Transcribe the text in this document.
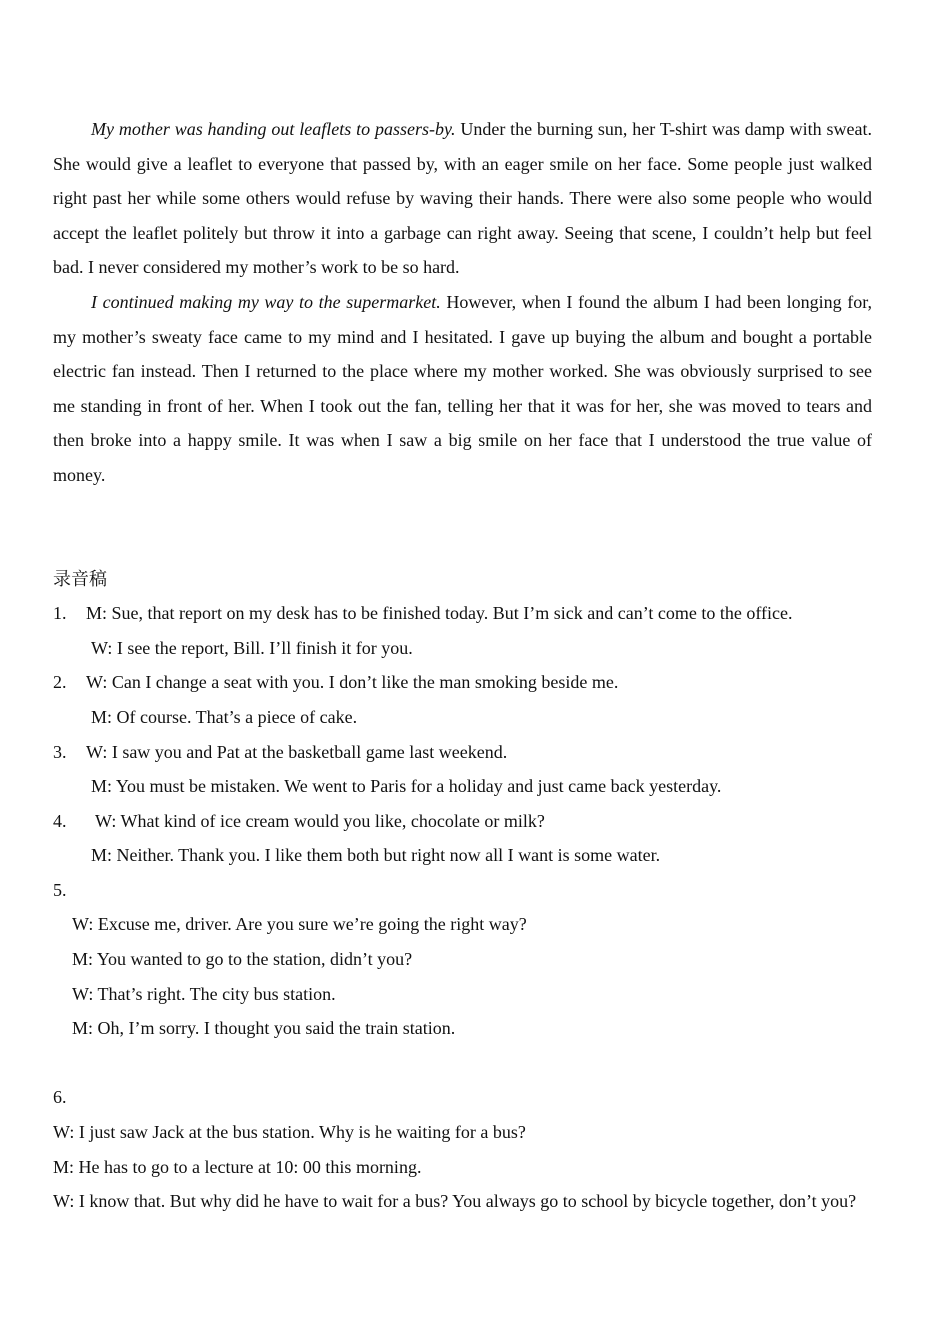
My mother was handing out leaflets to passers-by. Under the burning sun, her T-shirt was damp with sweat. She would give a leaflet to everyone that passed by, with an eager smile on her face. Some people just walked right past her while some others would refuse by waving their hands. There were also some people who would accept the leaflet politely but throw it into a garbage can right away. Seeing that scene, I couldn’t help but feel bad. I never considered my mother’s work to be so hard.

I continued making my way to the supermarket. However, when I found the album I had been longing for, my mother’s sweaty face came to my mind and I hesitated. I gave up buying the album and bought a portable electric fan instead. Then I returned to the place where my mother worked. She was obviously surprised to see me standing in front of her. When I took out the fan, telling her that it was for her, she was moved to tears and then broke into a happy smile. It was when I saw a big smile on her face that I understood the true value of money.

录音稿
1. M: Sue, that report on my desk has to be finished today. But I’m sick and can’t come to the office.
W: I see the report, Bill. I’ll finish it for you.
2. W: Can I change a seat with you. I don’t like the man smoking beside me.
M: Of course. That’s a piece of cake.
3. W: I saw you and Pat at the basketball game last weekend.
M: You must be mistaken. We went to Paris for a holiday and just came back yesterday.
4. W: What kind of ice cream would you like, chocolate or milk?
M: Neither. Thank you. I like them both but right now all I want is some water.
5.
W: Excuse me, driver. Are you sure we’re going the right way?
M: You wanted to go to the station, didn’t you?
W: That’s right. The city bus station.
M: Oh, I’m sorry. I thought you said the train station.
6.
W: I just saw Jack at the bus station. Why is he waiting for a bus?
M: He has to go to a lecture at 10: 00 this morning.
W: I know that. But why did he have to wait for a bus? You always go to school by bicycle together, don’t you?
